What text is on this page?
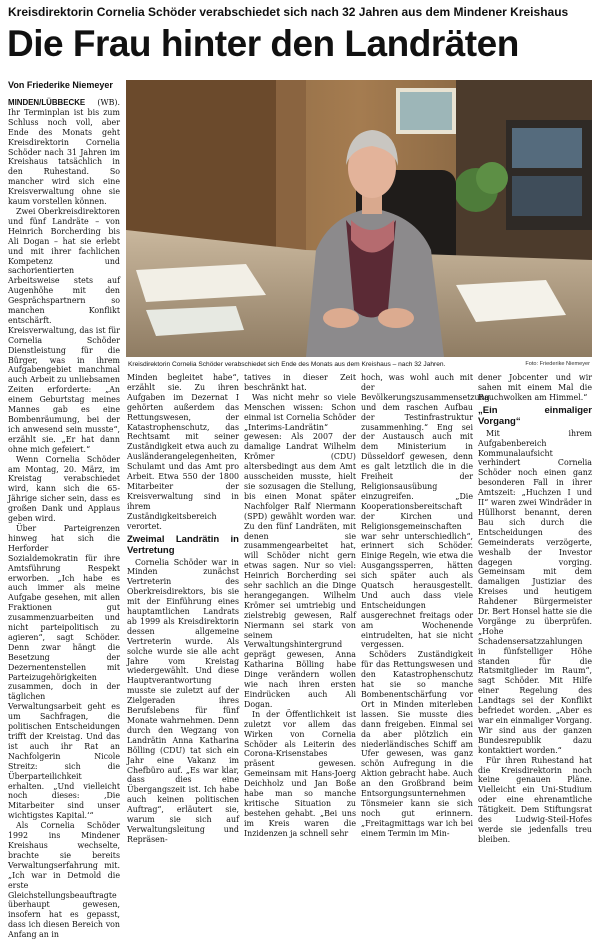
Kreisdirektorin Cornelia Schöder verabschiedet sich nach 32 Jahren aus dem Mindener Kreishaus
Die Frau hinter den Landräten
Von Friederike Niemeyer

MINDEN/LÜBBECKE (WB). Ihr Terminplan ist bis zum Schluss noch voll, aber Ende des Monats geht Kreisdirektorin Cornelia Schöder nach 31 Jahren im Kreishaus tatsächlich in den Ruhestand. So mancher wird sich eine Kreisverwaltung ohne sie kaum vorstellen können.

Zwei Oberkreisdirektoren und fünf Landräte – von Heinrich Borcherding bis Ali Dogan – hat sie erlebt und mit ihrer fachlichen Kompetenz und sachorientierten Arbeitsweise stets auf Augenhöhe mit den Gesprächspartnern so manchen Konflikt entschärft. Kreisverwaltung, das ist für Cornelia Schöder Dienstleistung für die Bürger, was in ihrem Aufgabengebiet manchmal auch Arbeit zu unliebsamen Zeiten erforderte: „An einem Geburtstag meines Mannes gab es eine Bombenräumung, bei der ich anwesend sein musste“, erzählt sie. „Er hat dann ohne mich gefeiert.“

Wenn Cornelia Schöder am Montag, 20. März, im Kreistag verabschiedet wird, kann sich die 65-Jährige sicher sein, dass es großen Dank und Applaus geben wird.

Über Parteigrenzen hinweg hat sich die Herforder Sozialdemokratin für ihre Amtsführung Respekt erworben. „Ich habe es auch immer als meine Aufgabe gesehen, mit allen Fraktionen gut zusammenzuarbeiten und nicht parteipolitisch zu agieren“, sagt Schöder. Denn zwar hängt die Besetzung der Dezernentenstellen mit Parteizugehörigkeiten zusammen, doch in der täglichen Verwaltungsarbeit geht es um Sachfragen, die politischen Entscheidungen trifft der Kreistag. Und das ist auch ihr Rat an Nachfolgerin Nicole Streitz: sich die Überparteilichkeit erhalten. „Und vielleicht noch dieses: ‚Die Mitarbeiter sind unser wichtigstes Kapital.‘“

Als Cornelia Schöder 1992 ins Mindener Kreishaus wechselte, brachte sie bereits Verwaltungserfahrung mit. „Ich war in Detmold die erste Gleichstellungsbeauftragte überhaupt gewesen, insofern hat es gepasst, dass ich diesen Bereich von Anfang an in

Kreisdirektorin Cornelia Schöder verabschiedet sich Ende des Monats aus dem Kreishaus – nach 32 Jahren.	Foto: Friederike Niemeyer

Minden begleitet habe“, erzählt sie. Zu ihren Aufgaben im Dezernat I gehörten außerdem das Rettungswesen, der Katastrophenschutz, das Rechtsamt mit seiner Zuständigkeit etwa auch zu Ausländerangelegenheiten, Schulamt und das Amt pro Arbeit. Etwa 550 der 1800 Mitarbeiter der Kreisverwaltung sind in ihrem Zuständigkeitsbereich verortet.

Zweimal Landrätin in Vertretung

Cornelia Schöder war in Minden zunächst Vertreterin des Oberkreisdirektors, bis sie mit der Einführung eines hauptamtlichen Landrats ab 1999 als Kreisdirektorin dessen allgemeine Vertreterin wurde. Als solche wurde sie alle acht Jahre vom Kreistag wiedergewählt. Und diese Hauptverantwortung musste sie zuletzt auf der Zielgeraden ihres Berufslebens für fünf Monate wahrnehmen. Denn durch den Wegzang von Landrätin Anna Katharina Bölling (CDU) tat sich ein Jahr eine Vakanz im Chefbüro auf. „Es war klar, dass dies eine Übergangszeit ist. Ich habe auch keinen politischen Auftrag“, erläutert sie, warum sie sich auf Verwaltungsleitung und Repräsen-

tatives in dieser Zeit beschränkt hat.

Was nicht mehr so viele Menschen wissen: Schon einmal ist Cornelia Schöder „Interims-Landrätin“ gewesen: Als 2007 der damalige Landrat Wilhelm Krömer (CDU) altersbedingt aus dem Amt ausscheiden musste, hielt sie sozusagen die Stellung, bis einen Monat später Nachfolger Ralf Niermann (SPD) gewählt worden war. Zu den fünf Landräten, mit denen sie zusammengearbeitet hat, will Schöder nicht gern etwas sagen. Nur so viel: Heinrich Borcherding sei sehr sachlich an die Dinge herangegangen. Wilhelm Krömer sei umtriebig und zielstrebig gewesen, Ralf Niermann sei stark von seinem Verwaltungshintergrund geprägt gewesen, Anna Katharina Bölling habe Dinge verändern wollen wie nach ihren ersten Eindrücken auch Ali Dogan.

In der Öffentlichkeit ist zuletzt vor allem das Wirken von Cornelia Schöder als Leiterin des Corona-Krisenstabes präsent gewesen. Gemeinsam mit Hans-Joerg Deichholz und Jan Boße habe man so manche kritische Situation zu bestehen gehabt. „Bei uns im Kreis waren die Inzidenzen ja schnell sehr

hoch, was wohl auch mit der Bevölkerungszusammensetzung und dem raschen Aufbau der Testinfrastruktur zusammenhing.“ Eng sei der Austausch auch mit dem Ministerium in Düsseldorf gewesen, denn es galt letztlich die in die Freiheit der Religionsausübung einzugreifen. „Die Kooperationsbereitschaft der Kirchen und Religionsgemeinschaften war sehr unterschiedlich“, erinnert sich Schöder. Einige Regeln, wie etwa die Ausgangssperren, hätten sich später auch als Quatsch herausgestellt. Und auch dass viele Entscheidungen ausgerechnet freitags oder am Wochenende eintrudelten, hat sie nicht vergessen.

Schöders Zuständigkeit für das Rettungswesen und den Katastrophenschutz hat sie so manche Bombenentschärfung vor Ort in Minden miterleben lassen. Sie musste dies dann freigeben. Einmal sei da aber plötzlich ein niederländisches Schiff am Ufer gewesen, was ganz schön Aufregung in die Aktion gebracht habe. Auch an den Großbrand beim Entsorgungsunternehmen Tönsmeier kann sie sich noch gut erinnern. „Freitagmittags war ich bei einem Termin im Min-

dener Jobcenter und wir sahen mit einem Mal die Rauchwolken am Himmel.“

„Ein einmaliger Vorgang“

Mit ihrem Aufgabenbereich Kommunalaufsicht verhindert Cornelia Schöder noch einen ganz besonderen Fall in ihrer Amtszeit: „Huchzen I und II“ waren zwei Windräder in Hüllhorst benannt, deren Bau sich durch die Entscheidungen des Gemeinderats verzögerte, weshalb der Investor dagegen vorging. Gemeinsam mit dem damaligen Justiziar des Kreises und heutigem Rahdener Bürgermeister Dr. Bert Honsel hatte sie die Vorgänge zu überprüfen. „Hohe Schadensersatzzahlungen in fünfstelliger Höhe standen für die Ratsmitglieder im Raum“, sagt Schöder. Mit Hilfe einer Regelung des Landtags sei der Konflikt befriedet worden. „Aber es war ein einmaliger Vorgang. Wir sind aus der ganzen Bundesrepublik dazu kontaktiert worden.“

Für ihren Ruhestand hat die Kreisdirektorin noch keine genauen Pläne. Vielleicht ein Uni-Studium oder eine ehrenamtliche Tätigkeit. Dem Stiftungsrat des Ludwig-Steil-Hofes werde sie jedenfalls treu bleiben.
